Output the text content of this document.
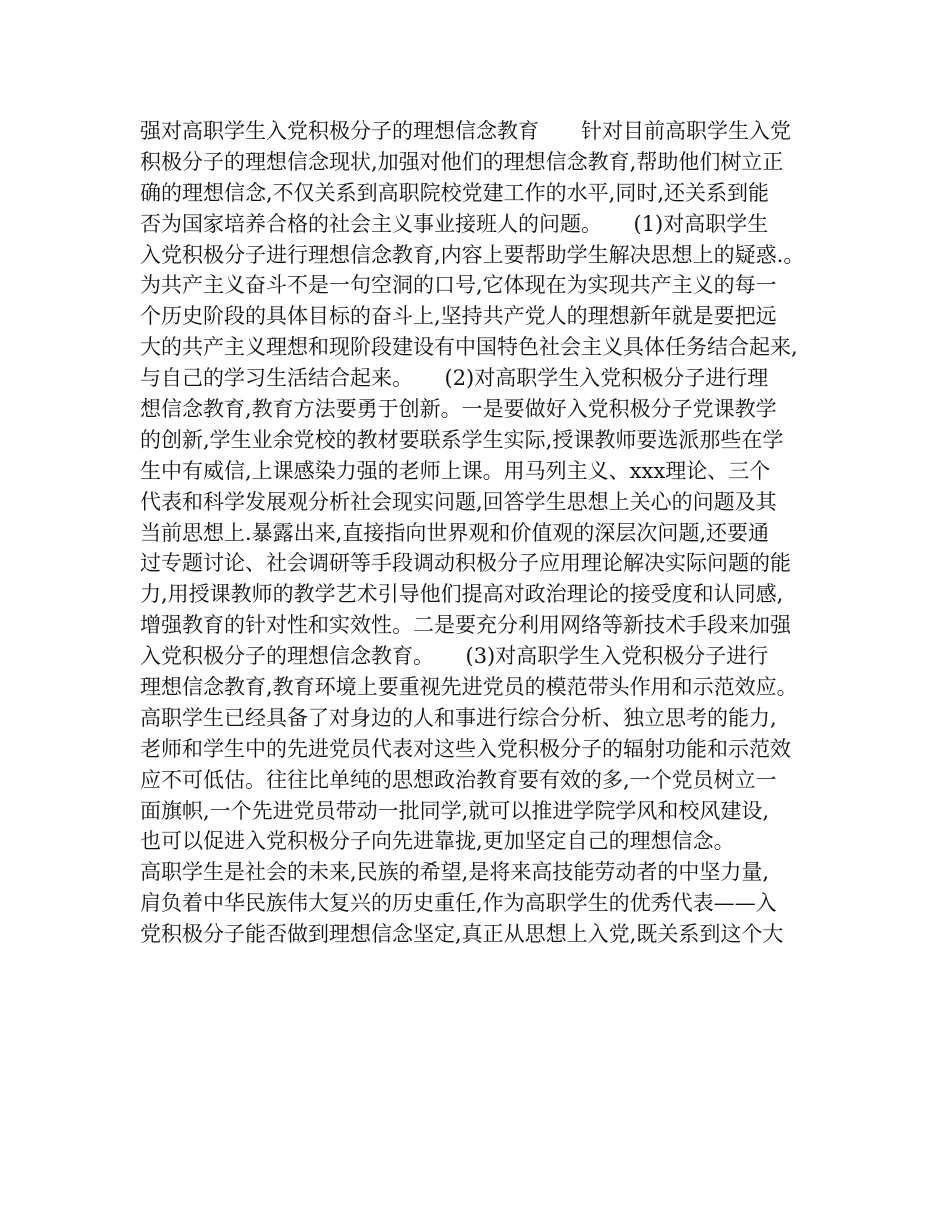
强对高职学生入党积极分子的理想信念教育　　针对目前高职学生入党
积极分子的理想信念现状,加强对他们的理想信念教育,帮助他们树立正
确的理想信念,不仅关系到高职院校党建工作的水平,同时,还关系到能
否为国家培养合格的社会主义事业接班人的问题。　　(1)对高职学生
入党积极分子进行理想信念教育,内容上要帮助学生解决思想上的疑惑.。
为共产主义奋斗不是一句空洞的口号,它体现在为实现共产主义的每一
个历史阶段的具体目标的奋斗上,坚持共产党人的理想新年就是要把远
大的共产主义理想和现阶段建设有中国特色社会主义具体任务结合起来,
与自己的学习生活结合起来。　　(2)对高职学生入党积极分子进行理
想信念教育,教育方法要勇于创新。一是要做好入党积极分子党课教学
的创新,学生业余党校的教材要联系学生实际,授课教师要选派那些在学
生中有威信,上课感染力强的老师上课。用马列主义、xxx理论、三个
代表和科学发展观分析社会现实问题,回答学生思想上关心的问题及其
当前思想上.暴露出来,直接指向世界观和价值观的深层次问题,还要通
过专题讨论、社会调研等手段调动积极分子应用理论解决实际问题的能
力,用授课教师的教学艺术引导他们提高对政治理论的接受度和认同感,
增强教育的针对性和实效性。二是要充分利用网络等新技术手段来加强
入党积极分子的理想信念教育。　　(3)对高职学生入党积极分子进行
理想信念教育,教育环境上要重视先进党员的模范带头作用和示范效应。
高职学生已经具备了对身边的人和事进行综合分析、独立思考的能力,
老师和学生中的先进党员代表对这些入党积极分子的辐射功能和示范效
应不可低估。往往比单纯的思想政治教育要有效的多,一个党员树立一
面旗帜,一个先进党员带动一批同学,就可以推进学院学风和校风建设,
也可以促进入党积极分子向先进靠拢,更加坚定自己的理想信念。
高职学生是社会的未来,民族的希望,是将来高技能劳动者的中坚力量,
肩负着中华民族伟大复兴的历史重任,作为高职学生的优秀代表——入
党积极分子能否做到理想信念坚定,真正从思想上入党,既关系到这个大
